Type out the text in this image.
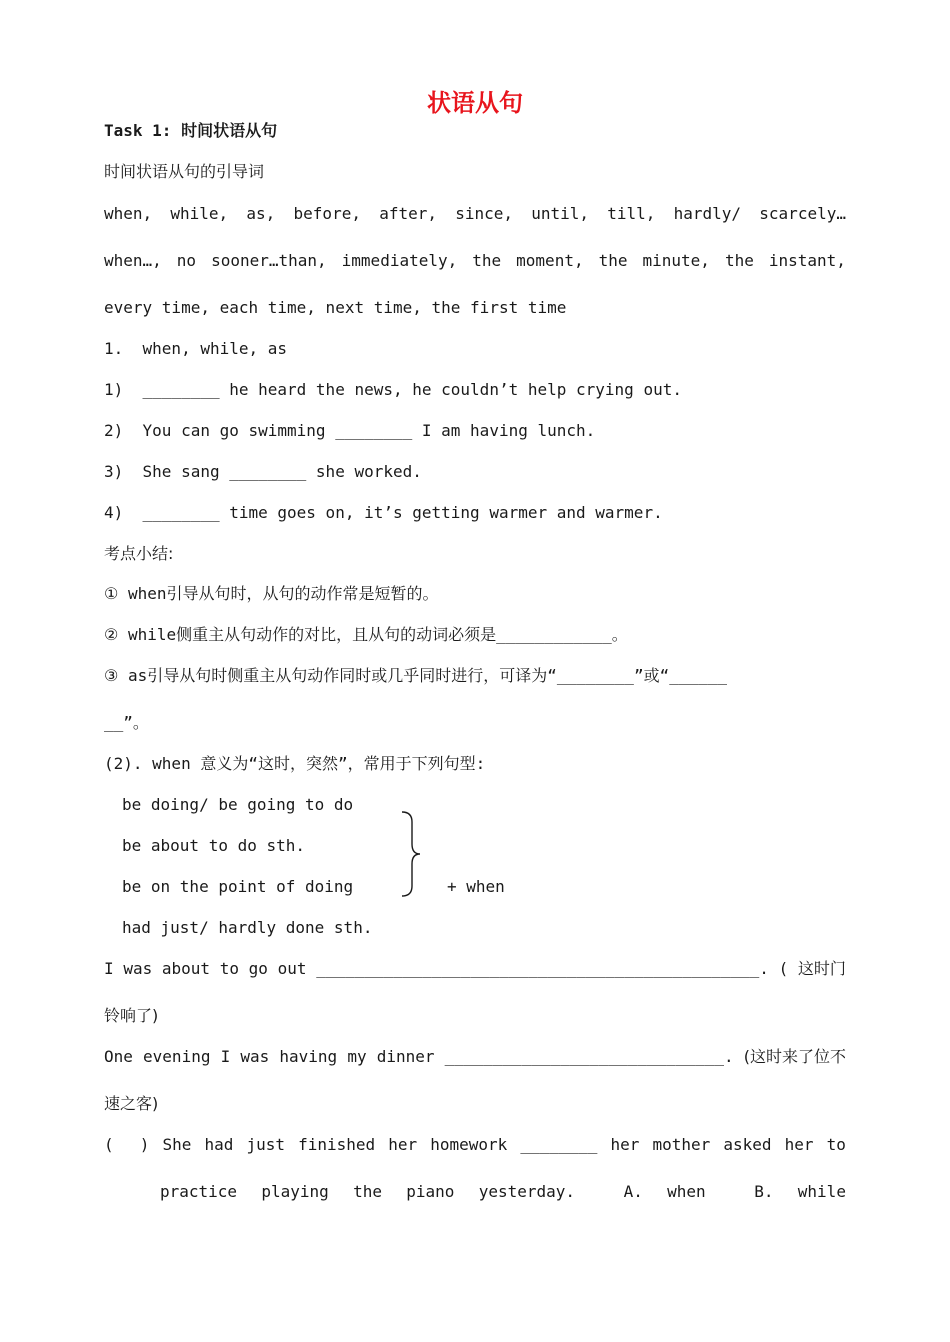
状语从句
Task 1: 时间状语从句
时间状语从句的引导词
when, while, as, before, after, since, until, till, hardly/ scarcely…
when…, no sooner…than, immediately, the moment, the minute, the instant,
every time, each time, next time, the first time
1.  when, while, as
1)  ________ he heard the news, he couldn’t help crying out.
2)  You can go swimming ________ I am having lunch.
3)  She sang ________ she worked.
4)  ________ time goes on, it’s getting warmer and warmer.
考点小结:
① when引导从句时，从句的动作常是短暂的。
② while侧重主从句动作的对比，且从句的动词必须是____________。
③ as引导从句时侧重主从句动作同时或几乎同时进行，可译为“________”或“______
__”。
(2). when 意义为“这时，突然”，常用于下列句型:
be doing/ be going to do
be about to do sth.
be on the point of doing
had just/ hardly done sth.
+ when
I was about to go out ______________________________________________. ( 这时门
铃响了)
One evening I was having my dinner _____________________________. (这时来了位不
速之客)
( ) She had just finished her homework ________ her mother asked her to
practice playing the piano yesterday.	A. when	B. while
